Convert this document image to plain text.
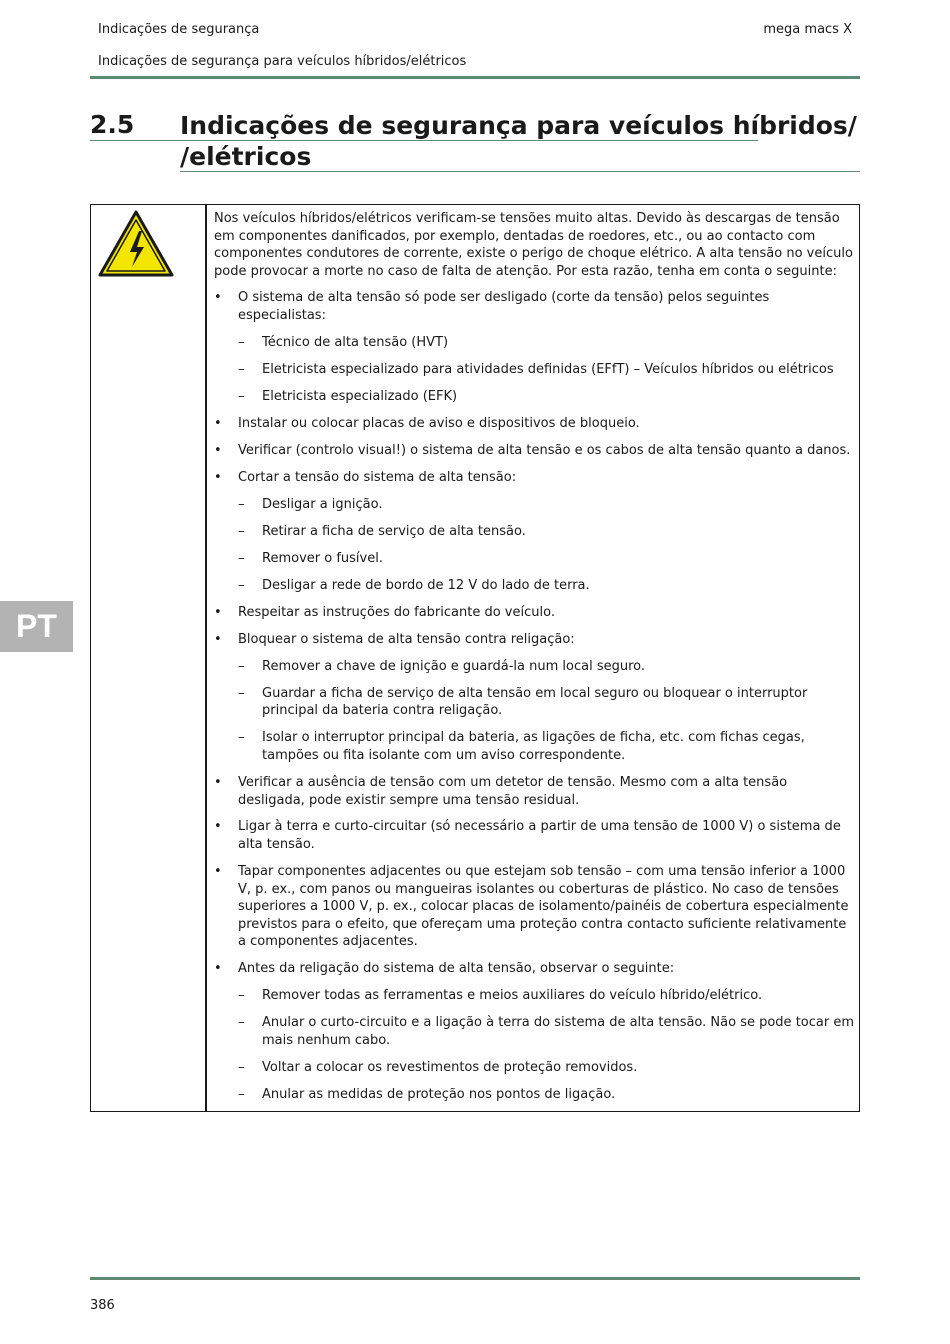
Indicações de segurança	mega macs X
Indicações de segurança para veículos híbridos/elétricos
2.5 Indicações de segurança para veículos híbridos/
/elétricos

Nos veículos híbridos/elétricos verificam-se tensões muito altas. Devido às descargas de tensão em componentes danificados, por exemplo, dentadas de roedores, etc., ou ao contacto com componentes condutores de corrente, existe o perigo de choque elétrico. A alta tensão no veículo pode provocar a morte no caso de falta de atenção. Por esta razão, tenha em conta o seguinte:

• O sistema de alta tensão só pode ser desligado (corte da tensão) pelos seguintes especialistas:
– Técnico de alta tensão (HVT)
– Eletricista especializado para atividades definidas (EFfT) – Veículos híbridos ou elétricos
– Eletricista especializado (EFK)
• Instalar ou colocar placas de aviso e dispositivos de bloqueio.
• Verificar (controlo visual!) o sistema de alta tensão e os cabos de alta tensão quanto a danos.
• Cortar a tensão do sistema de alta tensão:
– Desligar a ignição.
– Retirar a ficha de serviço de alta tensão.
– Remover o fusível.
– Desligar a rede de bordo de 12 V do lado de terra.
• Respeitar as instruções do fabricante do veículo.
• Bloquear o sistema de alta tensão contra religação:
– Remover a chave de ignição e guardá-la num local seguro.
– Guardar a ficha de serviço de alta tensão em local seguro ou bloquear o interruptor principal da bateria contra religação.
– Isolar o interruptor principal da bateria, as ligações de ficha, etc. com fichas cegas, tampões ou fita isolante com um aviso correspondente.
• Verificar a ausência de tensão com um detetor de tensão. Mesmo com a alta tensão desligada, pode existir sempre uma tensão residual.
• Ligar à terra e curto-circuitar (só necessário a partir de uma tensão de 1000 V) o sistema de alta tensão.
• Tapar componentes adjacentes ou que estejam sob tensão – com uma tensão inferior a 1000 V, p. ex., com panos ou mangueiras isolantes ou coberturas de plástico. No caso de tensões superiores a 1000 V, p. ex., colocar placas de isolamento/painéis de cobertura especialmente previstos para o efeito, que ofereçam uma proteção contra contacto suficiente relativamente a componentes adjacentes.
• Antes da religação do sistema de alta tensão, observar o seguinte:
– Remover todas as ferramentas e meios auxiliares do veículo híbrido/elétrico.
– Anular o curto-circuito e a ligação à terra do sistema de alta tensão. Não se pode tocar em mais nenhum cabo.
– Voltar a colocar os revestimentos de proteção removidos.
– Anular as medidas de proteção nos pontos de ligação.
PT
386
